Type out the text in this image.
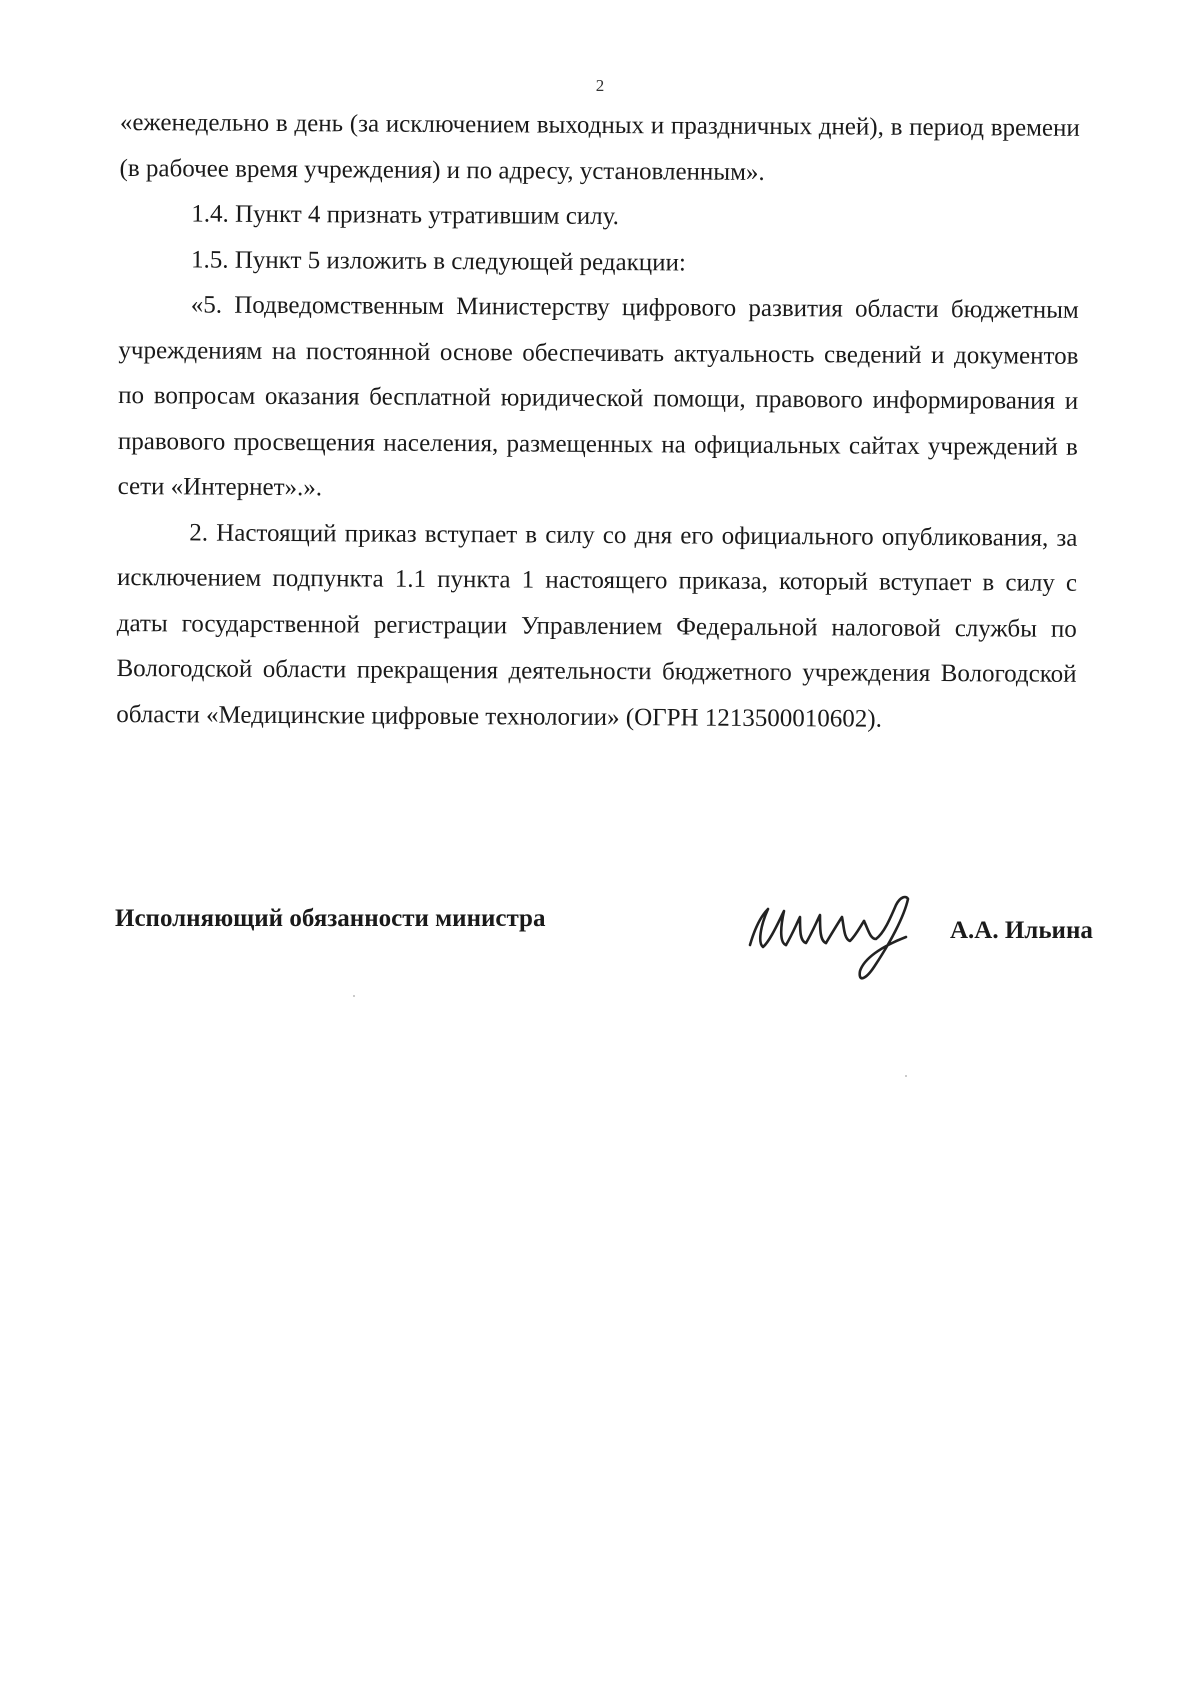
2

«еженедельно в день (за исключением выходных и праздничных дней), в период времени (в рабочее время учреждения) и по адресу, установленным».

1.4. Пункт 4 признать утратившим силу.

1.5. Пункт 5 изложить в следующей редакции:

«5. Подведомственным Министерству цифрового развития области бюджетным учреждениям на постоянной основе обеспечивать актуальность сведений и документов по вопросам оказания бесплатной юридической помощи, правового информирования и правового просвещения населения, размещенных на официальных сайтах учреждений в сети «Интернет».».

2. Настоящий приказ вступает в силу со дня его официального опубликования, за исключением подпункта 1.1 пункта 1 настоящего приказа, который вступает в силу с даты государственной регистрации Управлением Федеральной налоговой службы по Вологодской области прекращения деятельности бюджетного учреждения Вологодской области «Медицинские цифровые технологии» (ОГРН 1213500010602).

Исполняющий обязанности министра	А.А. Ильина
